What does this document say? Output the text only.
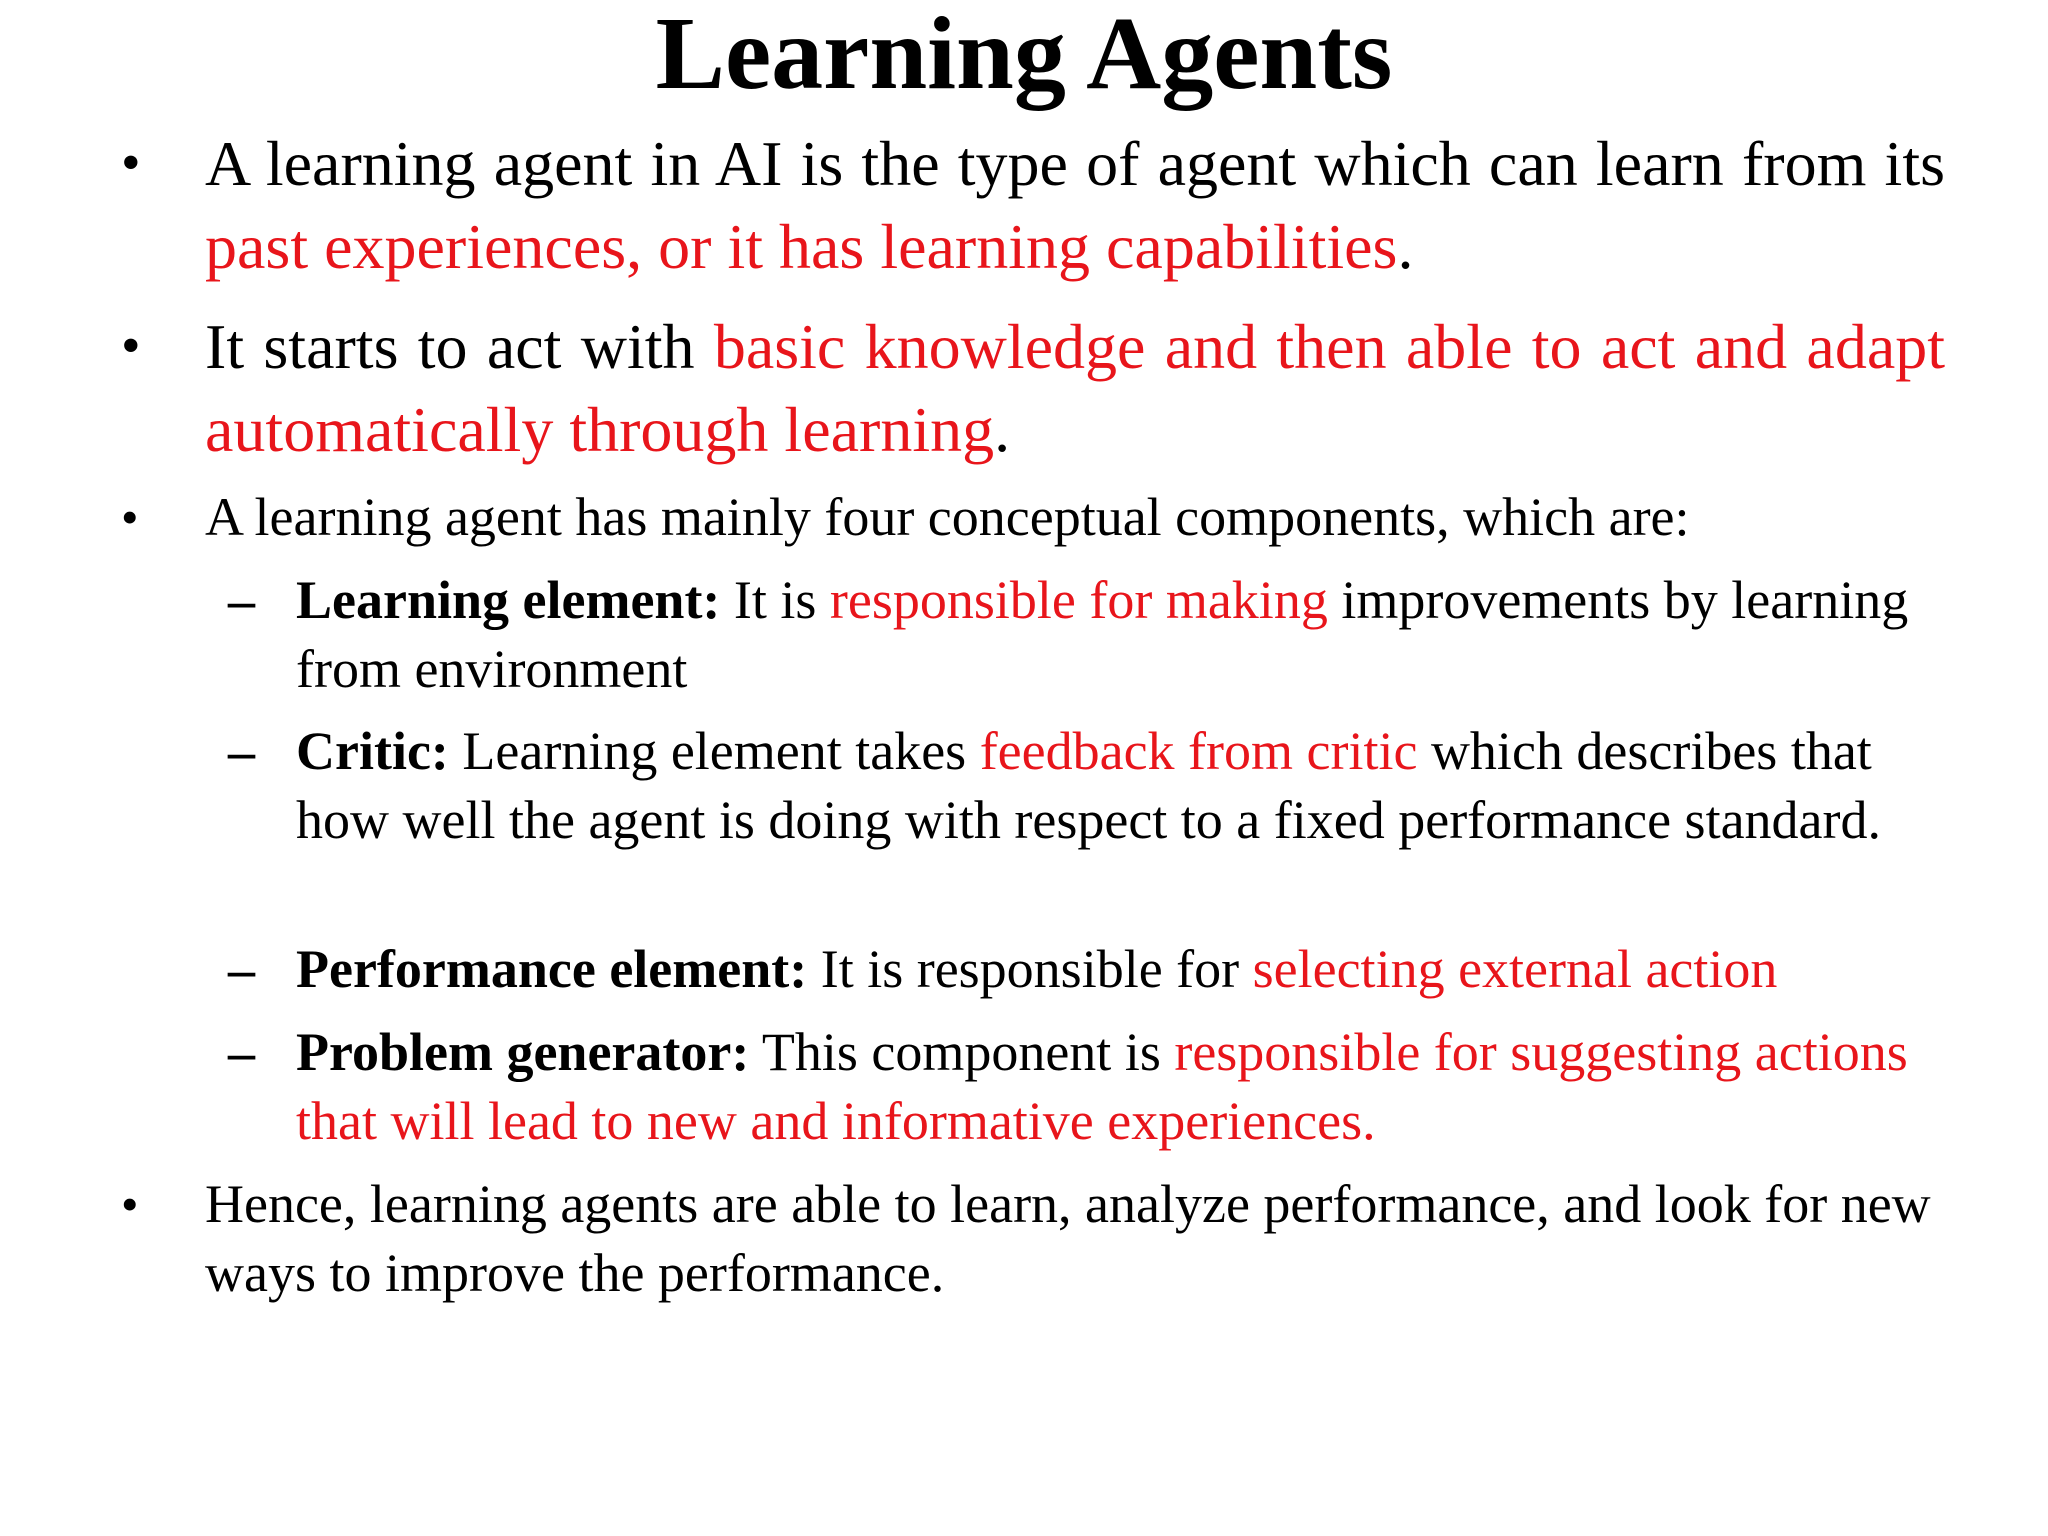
Learning Agents
• A learning agent in AI is the type of agent which can learn from its past experiences, or it has learning capabilities.
• It starts to act with basic knowledge and then able to act and adapt automatically through learning.
• A learning agent has mainly four conceptual components, which are:
– Learning element: It is responsible for making improvements by learning from environment
– Critic: Learning element takes feedback from critic which describes that how well the agent is doing with respect to a fixed performance standard.
– Performance element: It is responsible for selecting external action
– Problem generator: This component is responsible for suggesting actions that will lead to new and informative experiences.
• Hence, learning agents are able to learn, analyze performance, and look for new ways to improve the performance.
